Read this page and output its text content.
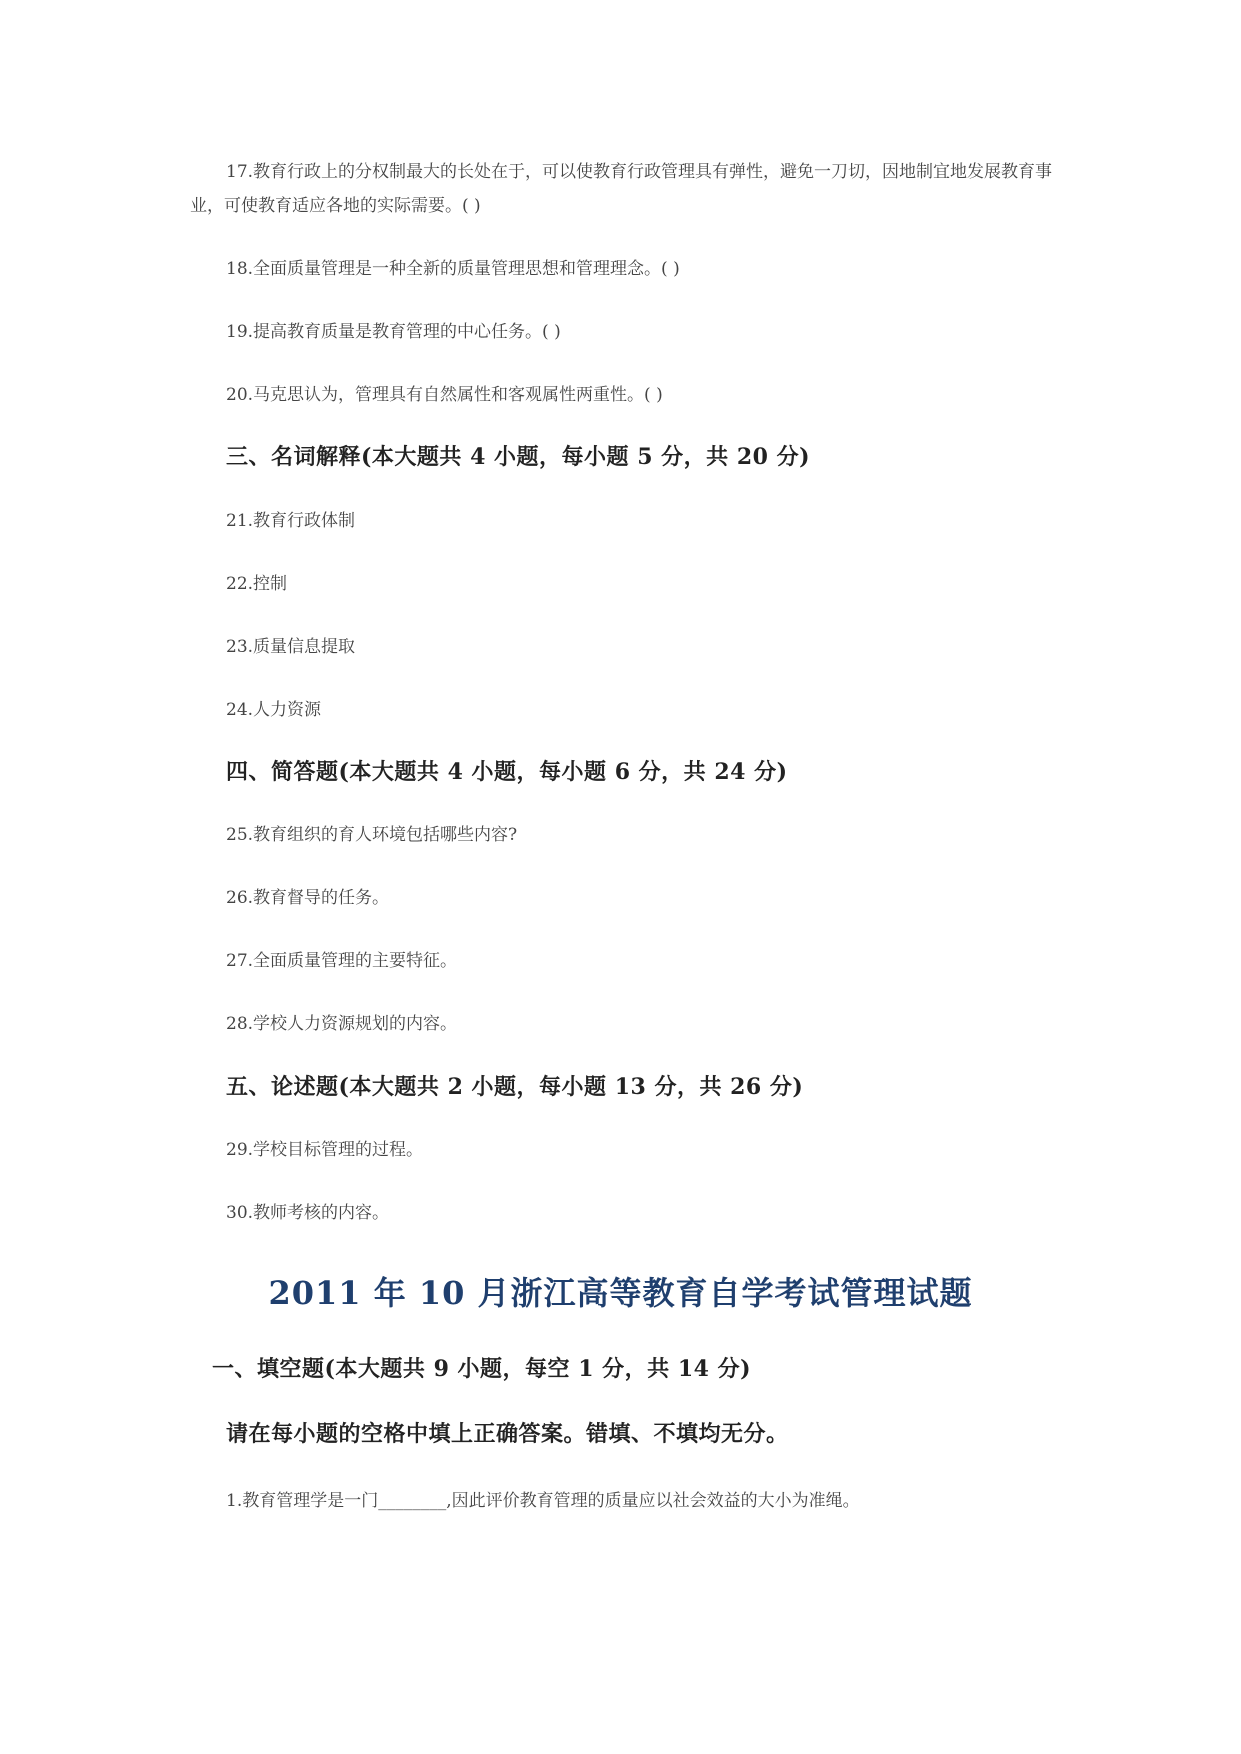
17.教育行政上的分权制最大的长处在于，可以使教育行政管理具有弹性，避免一刀切，因地制宜地发展教育事业，可使教育适应各地的实际需要。( )
18.全面质量管理是一种全新的质量管理思想和管理理念。( )
19.提高教育质量是教育管理的中心任务。( )
20.马克思认为，管理具有自然属性和客观属性两重性。( )
三、名词解释(本大题共 4 小题，每小题 5 分，共 20 分)
21.教育行政体制
22.控制
23.质量信息提取
24.人力资源
四、简答题(本大题共 4 小题，每小题 6 分，共 24 分)
25.教育组织的育人环境包括哪些内容?
26.教育督导的任务。
27.全面质量管理的主要特征。
28.学校人力资源规划的内容。
五、论述题(本大题共 2 小题，每小题 13 分，共 26 分)
29.学校目标管理的过程。
30.教师考核的内容。
2011 年 10 月浙江高等教育自学考试管理试题
一、填空题(本大题共 9 小题，每空 1 分，共 14 分)
请在每小题的空格中填上正确答案。错填、不填均无分。
1.教育管理学是一门________,因此评价教育管理的质量应以社会效益的大小为准绳。
